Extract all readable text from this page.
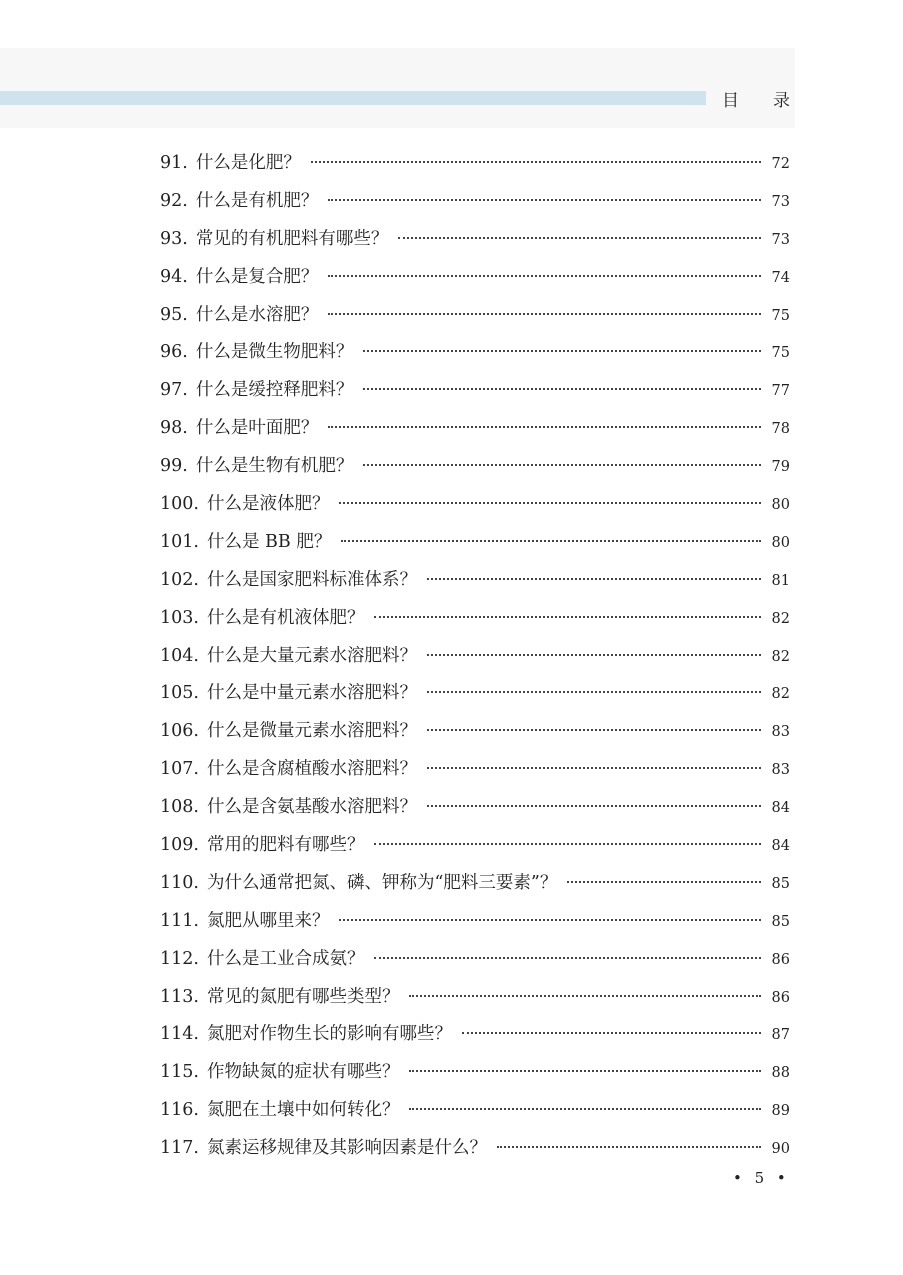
目 录
91. 什么是化肥？	72
92. 什么是有机肥？	73
93. 常见的有机肥料有哪些？	73
94. 什么是复合肥？	74
95. 什么是水溶肥？	75
96. 什么是微生物肥料？	75
97. 什么是缓控释肥料？	77
98. 什么是叶面肥？	78
99. 什么是生物有机肥？	79
100. 什么是液体肥？	80
101. 什么是 BB 肥？	80
102. 什么是国家肥料标准体系？	81
103. 什么是有机液体肥？	82
104. 什么是大量元素水溶肥料？	82
105. 什么是中量元素水溶肥料？	82
106. 什么是微量元素水溶肥料？	83
107. 什么是含腐植酸水溶肥料？	83
108. 什么是含氨基酸水溶肥料？	84
109. 常用的肥料有哪些？	84
110. 为什么通常把氮、磷、钾称为“肥料三要素”？	85
111. 氮肥从哪里来？	85
112. 什么是工业合成氨？	86
113. 常见的氮肥有哪些类型？	86
114. 氮肥对作物生长的影响有哪些？	87
115. 作物缺氮的症状有哪些？	88
116. 氮肥在土壤中如何转化？	89
117. 氮素运移规律及其影响因素是什么？	90
• 5 •
